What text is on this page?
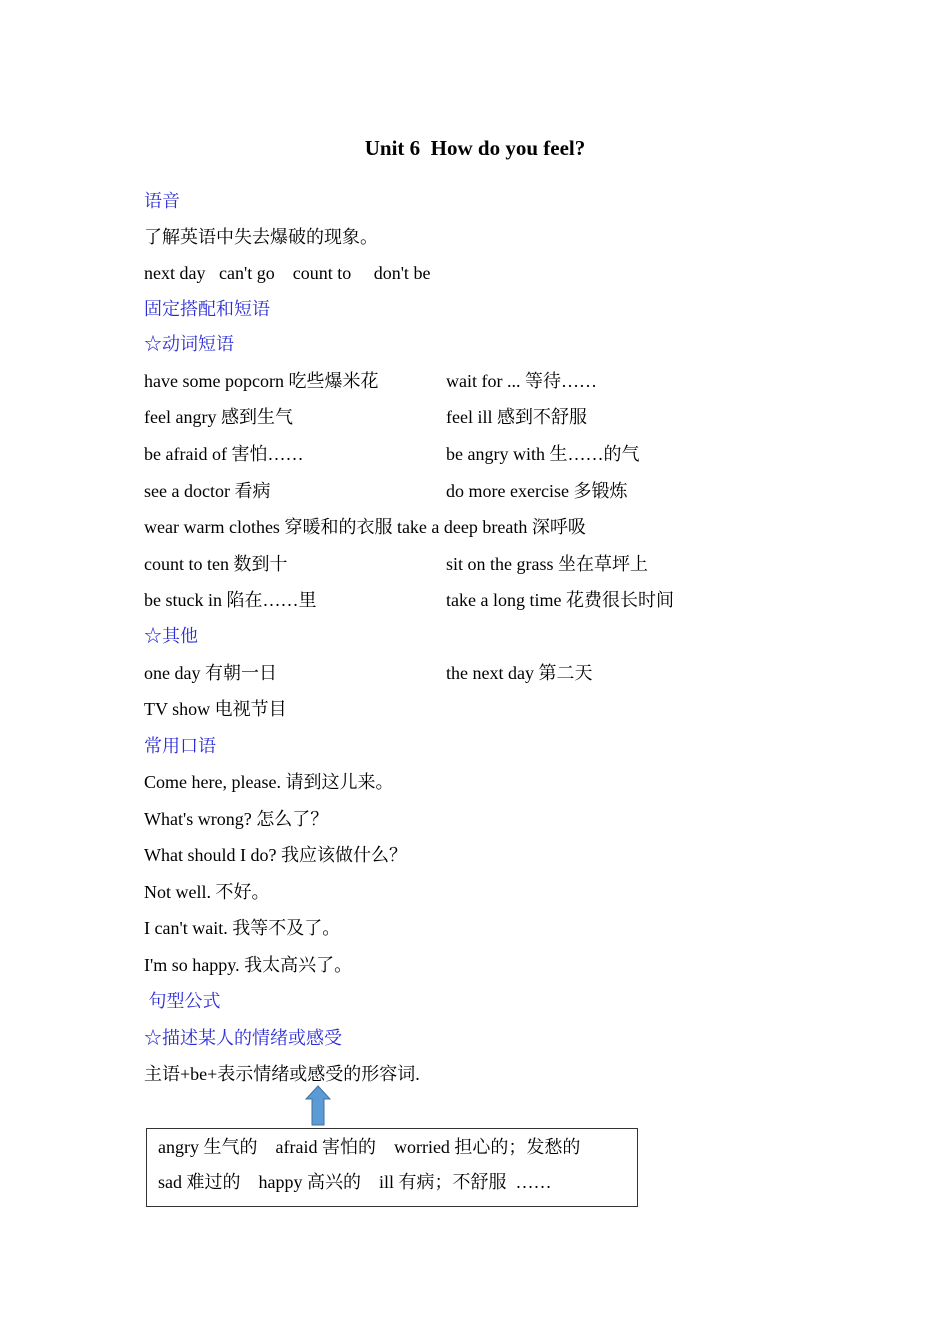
Unit 6  How do you feel?
语音
了解英语中失去爆破的现象。
next day   can't go    count to     don't be
固定搭配和短语
☆动词短语
have some popcorn 吃些爆米花	wait for ... 等待……
feel angry 感到生气	feel ill 感到不舒服
be afraid of 害怕……	be angry with 生……的气
see a doctor 看病	do more exercise 多锻炼
wear warm clothes 穿暖和的衣服 take a deep breath 深呼吸
count to ten 数到十	sit on the grass 坐在草坪上
be stuck in 陷在……里	take a long time 花费很长时间
☆其他
one day 有朝一日	the next day 第二天
TV show 电视节目
常用口语
Come here, please. 请到这儿来。
What's wrong? 怎么了？
What should I do? 我应该做什么？
Not well. 不好。
I can't wait. 我等不及了。
I'm so happy. 我太高兴了。
句型公式
☆描述某人的情绪或感受
主语+be+表示情绪或感受的形容词.
angry 生气的    afraid 害怕的    worried 担心的；发愁的
sad 难过的    happy 高兴的    ill 有病；不舒服  ……
